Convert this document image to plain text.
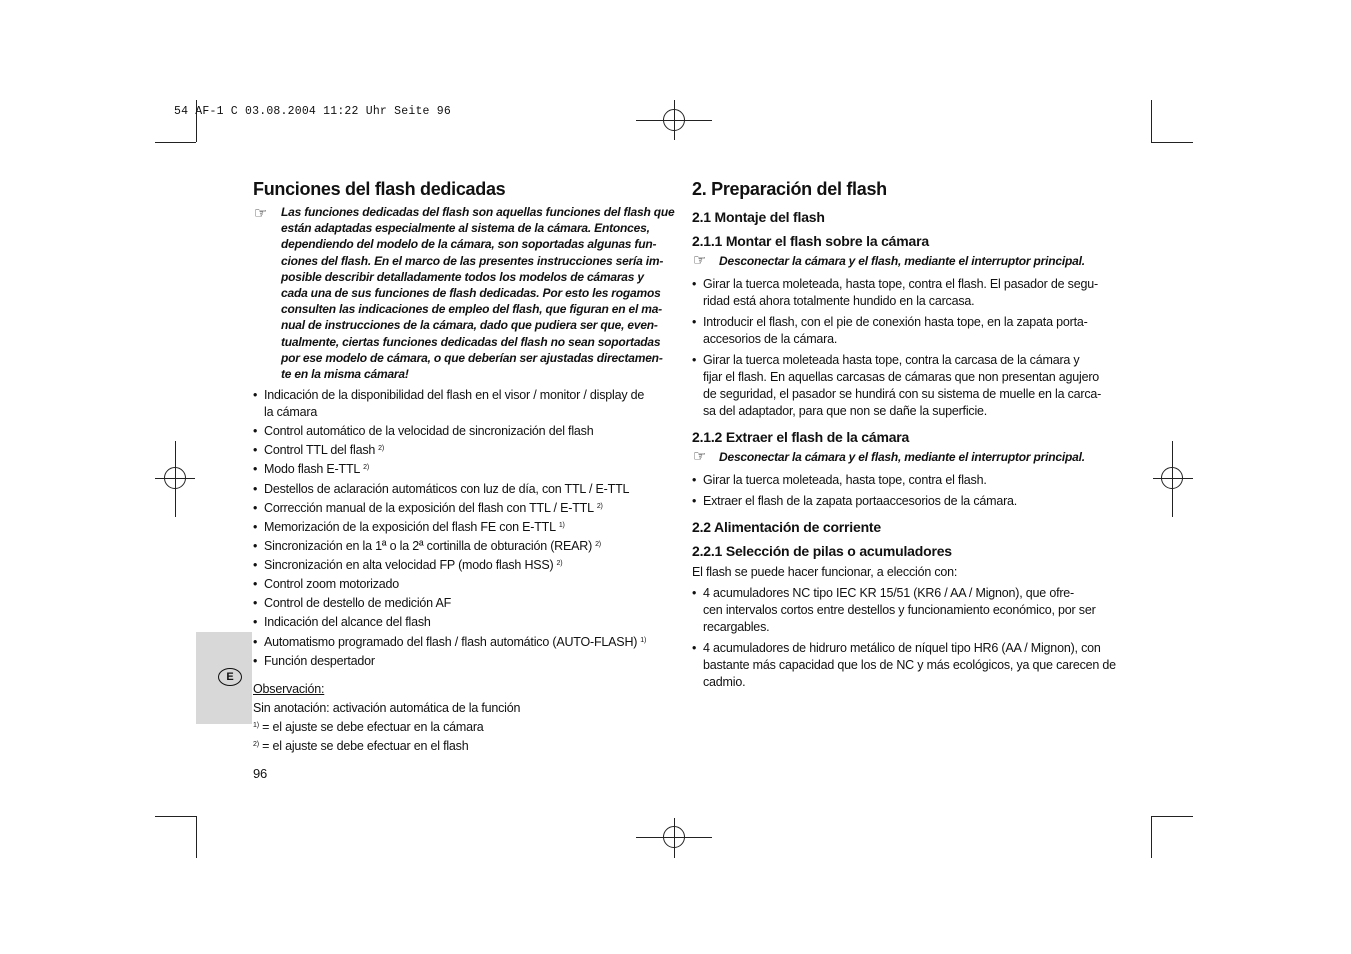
54 AF-1 C 03.08.2004 11:22 Uhr Seite 96
E
Funciones del flash dedicadas
☞ Las funciones dedicadas del flash son aquellas funciones del flash que
están adaptadas especialmente al sistema de la cámara. Entonces,
dependiendo del modelo de la cámara, son soportadas algunas fun-
ciones del flash. En el marco de las presentes instrucciones sería im-
posible describir detalladamente todos los modelos de cámaras y
cada una de sus funciones de flash dedicadas. Por esto les rogamos
consulten las indicaciones de empleo del flash, que figuran en el ma-
nual de instrucciones de la cámara, dado que pudiera ser que, even-
tualmente, ciertas funciones dedicadas del flash no sean soportadas
por ese modelo de cámara, o que deberían ser ajustadas directamen-
te en la misma cámara!
• Indicación de la disponibilidad del flash en el visor / monitor / display de
la cámara
• Control automático de la velocidad de sincronización del flash
• Control TTL del flash $^{2)}$
• Modo flash E-TTL $^{2)}$
• Destellos de aclaración automáticos con luz de día, con TTL / E-TTL
• Corrección manual de la exposición del flash con TTL / E-TTL $^{2)}$
• Memorización de la exposición del flash FE con E-TTL $^{1)}$
• Sincronización en la 1ª o la 2ª cortinilla de obturación (REAR) $^{2)}$
• Sincronización en alta velocidad FP (modo flash HSS) $^{2)}$
• Control zoom motorizado
• Control de destello de medición AF
• Indicación del alcance del flash
• Automatismo programado del flash / flash automático (AUTO-FLASH) $^{1)}$
• Función despertador
Observación:
Sin anotación: activación automática de la función
$^{1)}$ = el ajuste se debe efectuar en la cámara
$^{2)}$ = el ajuste se debe efectuar en el flash
96
2. Preparación del flash
2.1 Montaje del flash
2.1.1 Montar el flash sobre la cámara
☞ Desconectar la cámara y el flash, mediante el interruptor principal.
• Girar la tuerca moleteada, hasta tope, contra el flash. El pasador de segu-
ridad está ahora totalmente hundido en la carcasa.
• Introducir el flash, con el pie de conexión hasta tope, en la zapata porta-
accesorios de la cámara.
• Girar la tuerca moleteada hasta tope, contra la carcasa de la cámara y
fijar el flash. En aquellas carcasas de cámaras que non presentan agujero
de seguridad, el pasador se hundirá con su sistema de muelle en la carca-
sa del adaptador, para que non se dañe la superficie.
2.1.2 Extraer el flash de la cámara
☞ Desconectar la cámara y el flash, mediante el interruptor principal.
• Girar la tuerca moleteada, hasta tope, contra el flash.
• Extraer el flash de la zapata portaaccesorios de la cámara.
2.2 Alimentación de corriente
2.2.1 Selección de pilas o acumuladores
El flash se puede hacer funcionar, a elección con:
• 4 acumuladores NC tipo IEC KR 15/51 (KR6 / AA / Mignon), que ofre-
cen intervalos cortos entre destellos y funcionamiento económico, por ser
recargables.
• 4 acumuladores de hidruro metálico de níquel tipo HR6 (AA / Mignon), con
bastante más capacidad que los de NC y más ecológicos, ya que carecen de
cadmio.
